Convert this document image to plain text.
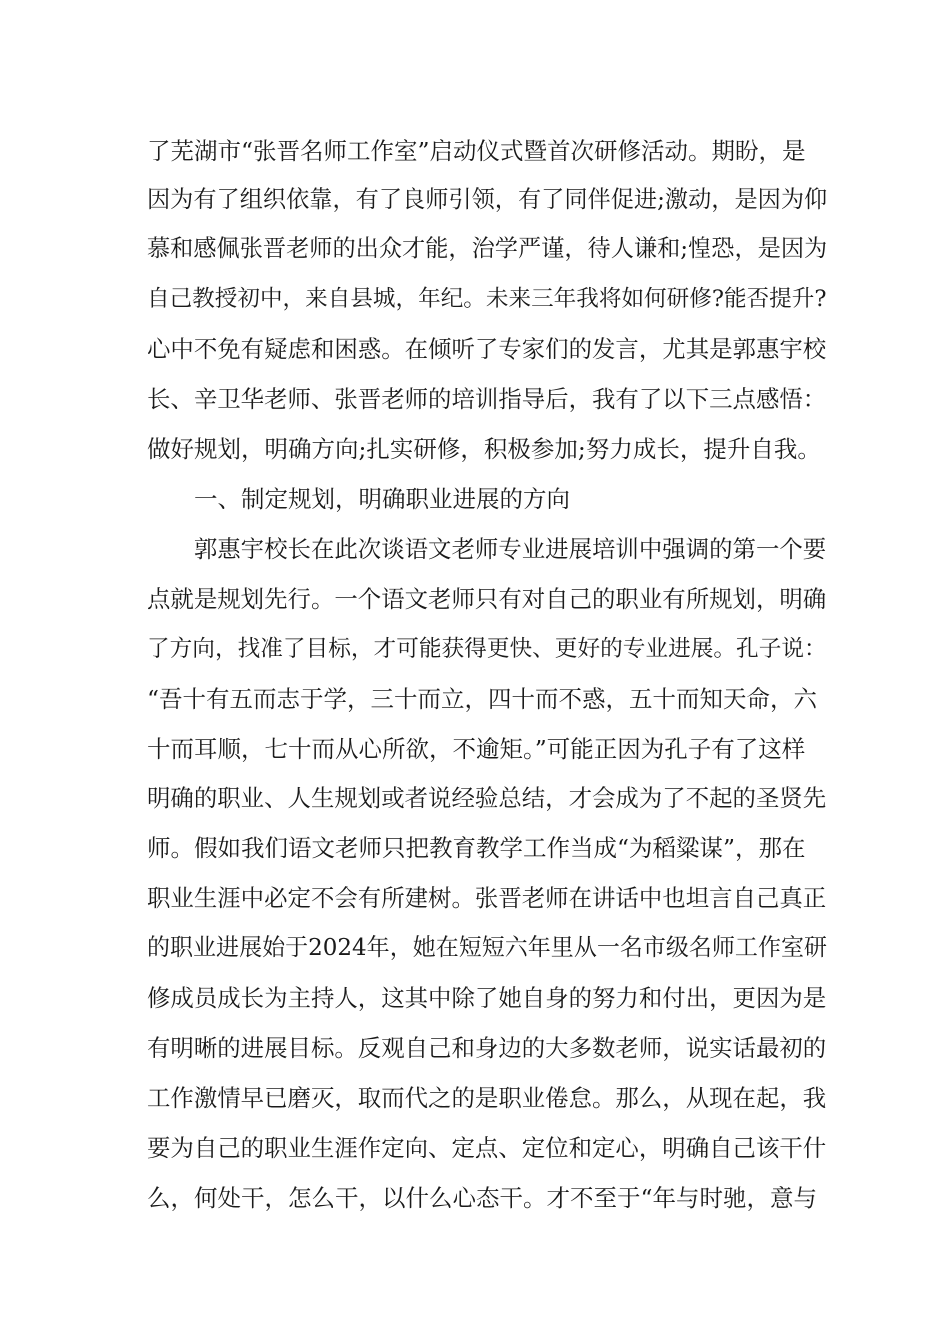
了芜湖市“张晋名师工作室”启动仪式暨首次研修活动。期盼，是
因为有了组织依靠，有了良师引领，有了同伴促进;激动，是因为仰
慕和感佩张晋老师的出众才能，治学严谨，待人谦和;惶恐，是因为
自己教授初中，来自县城，年纪。未来三年我将如何研修?能否提升?
心中不免有疑虑和困惑。在倾听了专家们的发言，尤其是郭惠宇校
长、辛卫华老师、张晋老师的培训指导后，我有了以下三点感悟：
做好规划，明确方向;扎实研修，积极参加;努力成长，提升自我。
　　一、制定规划，明确职业进展的方向
　　郭惠宇校长在此次谈语文老师专业进展培训中强调的第一个要
点就是规划先行。一个语文老师只有对自己的职业有所规划，明确
了方向，找准了目标，才可能获得更快、更好的专业进展。孔子说：
“吾十有五而志于学，三十而立，四十而不惑，五十而知天命，六
十而耳顺，七十而从心所欲，不逾矩。”可能正因为孔子有了这样
明确的职业、人生规划或者说经验总结，才会成为了不起的圣贤先
师。假如我们语文老师只把教育教学工作当成“为稻粱谋”，那在
职业生涯中必定不会有所建树。张晋老师在讲话中也坦言自己真正
的职业进展始于2024年，她在短短六年里从一名市级名师工作室研
修成员成长为主持人，这其中除了她自身的努力和付出，更因为是
有明晰的进展目标。反观自己和身边的大多数老师，说实话最初的
工作激情早已磨灭，取而代之的是职业倦怠。那么，从现在起，我
要为自己的职业生涯作定向、定点、定位和定心，明确自己该干什
么，何处干，怎么干，以什么心态干。才不至于“年与时驰，意与
